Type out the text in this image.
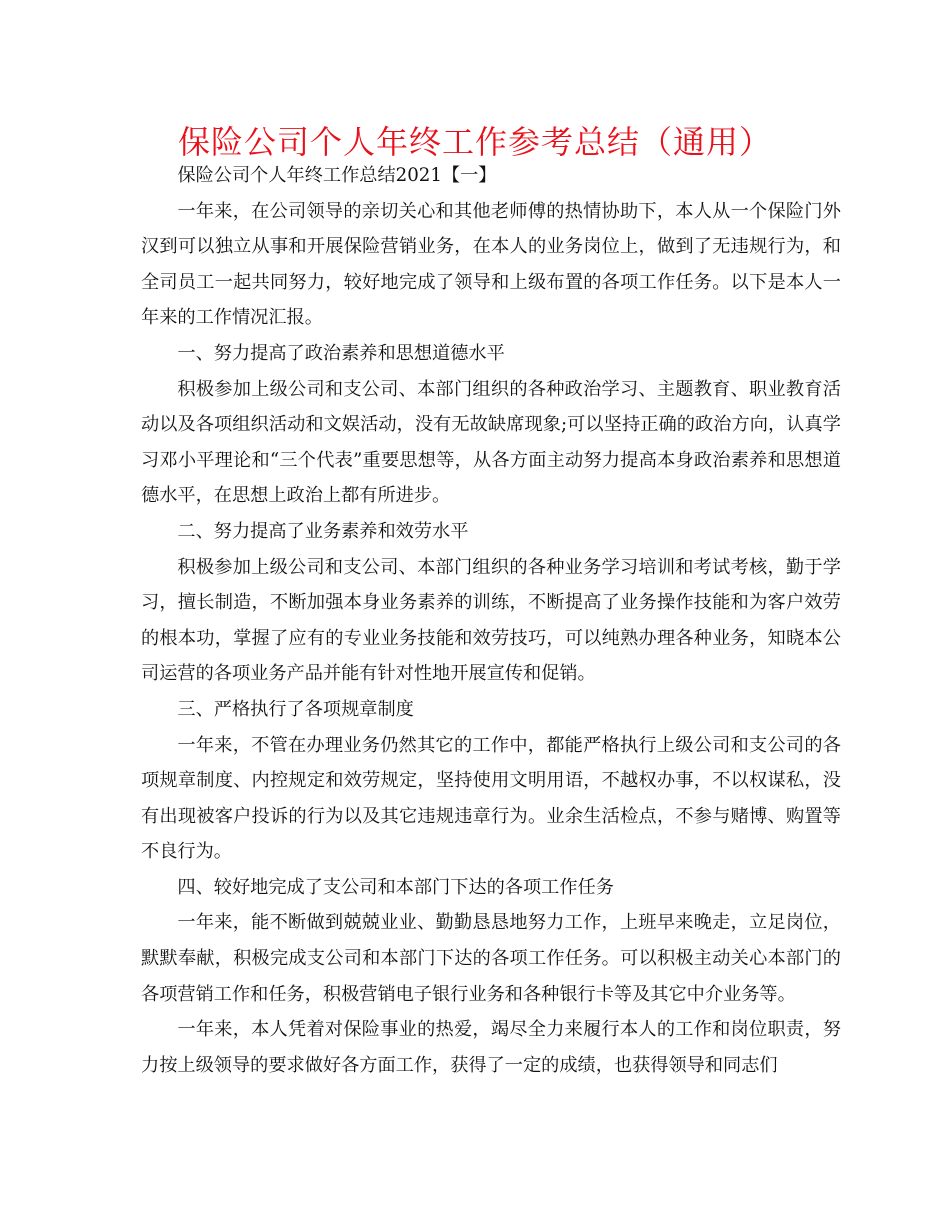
保险公司个人年终工作参考总结（通用）

保险公司个人年终工作总结2021【一】

一年来，在公司领导的亲切关心和其他老师傅的热情协助下，本人从一个保险门外汉到可以独立从事和开展保险营销业务，在本人的业务岗位上，做到了无违规行为，和全司员工一起共同努力，较好地完成了领导和上级布置的各项工作任务。以下是本人一年来的工作情况汇报。

一、努力提高了政治素养和思想道德水平

积极参加上级公司和支公司、本部门组织的各种政治学习、主题教育、职业教育活动以及各项组织活动和文娱活动，没有无故缺席现象;可以坚持正确的政治方向，认真学习邓小平理论和“三个代表”重要思想等，从各方面主动努力提高本身政治素养和思想道德水平，在思想上政治上都有所进步。

二、努力提高了业务素养和效劳水平

积极参加上级公司和支公司、本部门组织的各种业务学习培训和考试考核，勤于学习，擅长制造，不断加强本身业务素养的训练，不断提高了业务操作技能和为客户效劳的根本功，掌握了应有的专业业务技能和效劳技巧，可以纯熟办理各种业务，知晓本公司运营的各项业务产品并能有针对性地开展宣传和促销。

三、严格执行了各项规章制度

一年来，不管在办理业务仍然其它的工作中，都能严格执行上级公司和支公司的各项规章制度、内控规定和效劳规定，坚持使用文明用语，不越权办事，不以权谋私，没有出现被客户投诉的行为以及其它违规违章行为。业余生活检点，不参与赌博、购置等不良行为。

四、较好地完成了支公司和本部门下达的各项工作任务

一年来，能不断做到兢兢业业、勤勤恳恳地努力工作，上班早来晚走，立足岗位，默默奉献，积极完成支公司和本部门下达的各项工作任务。可以积极主动关心本部门的各项营销工作和任务，积极营销电子银行业务和各种银行卡等及其它中介业务等。

一年来，本人凭着对保险事业的热爱，竭尽全力来履行本人的工作和岗位职责，努力按上级领导的要求做好各方面工作，获得了一定的成绩，也获得领导和同志们
